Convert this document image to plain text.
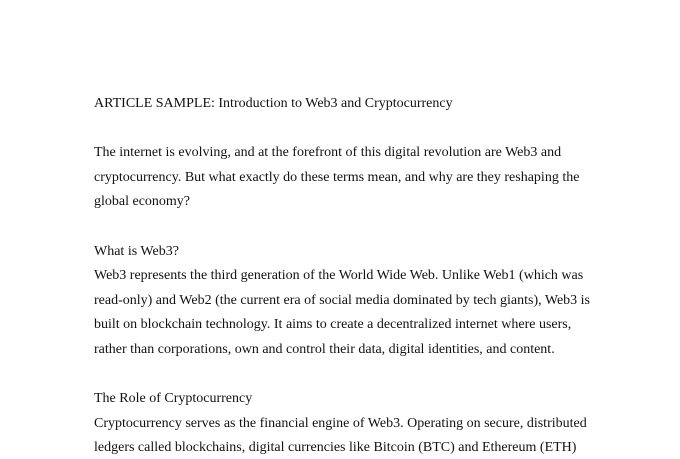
ARTICLE SAMPLE: Introduction to Web3 and Cryptocurrency

The internet is evolving, and at the forefront of this digital revolution are Web3 and
cryptocurrency. But what exactly do these terms mean, and why are they reshaping the
global economy?

What is Web3?

Web3 represents the third generation of the World Wide Web. Unlike Web1 (which was
read-only) and Web2 (the current era of social media dominated by tech giants), Web3 is
built on blockchain technology. It aims to create a decentralized internet where users,
rather than corporations, own and control their data, digital identities, and content.

The Role of Cryptocurrency

Cryptocurrency serves as the financial engine of Web3. Operating on secure, distributed
ledgers called blockchains, digital currencies like Bitcoin (BTC) and Ethereum (ETH)
